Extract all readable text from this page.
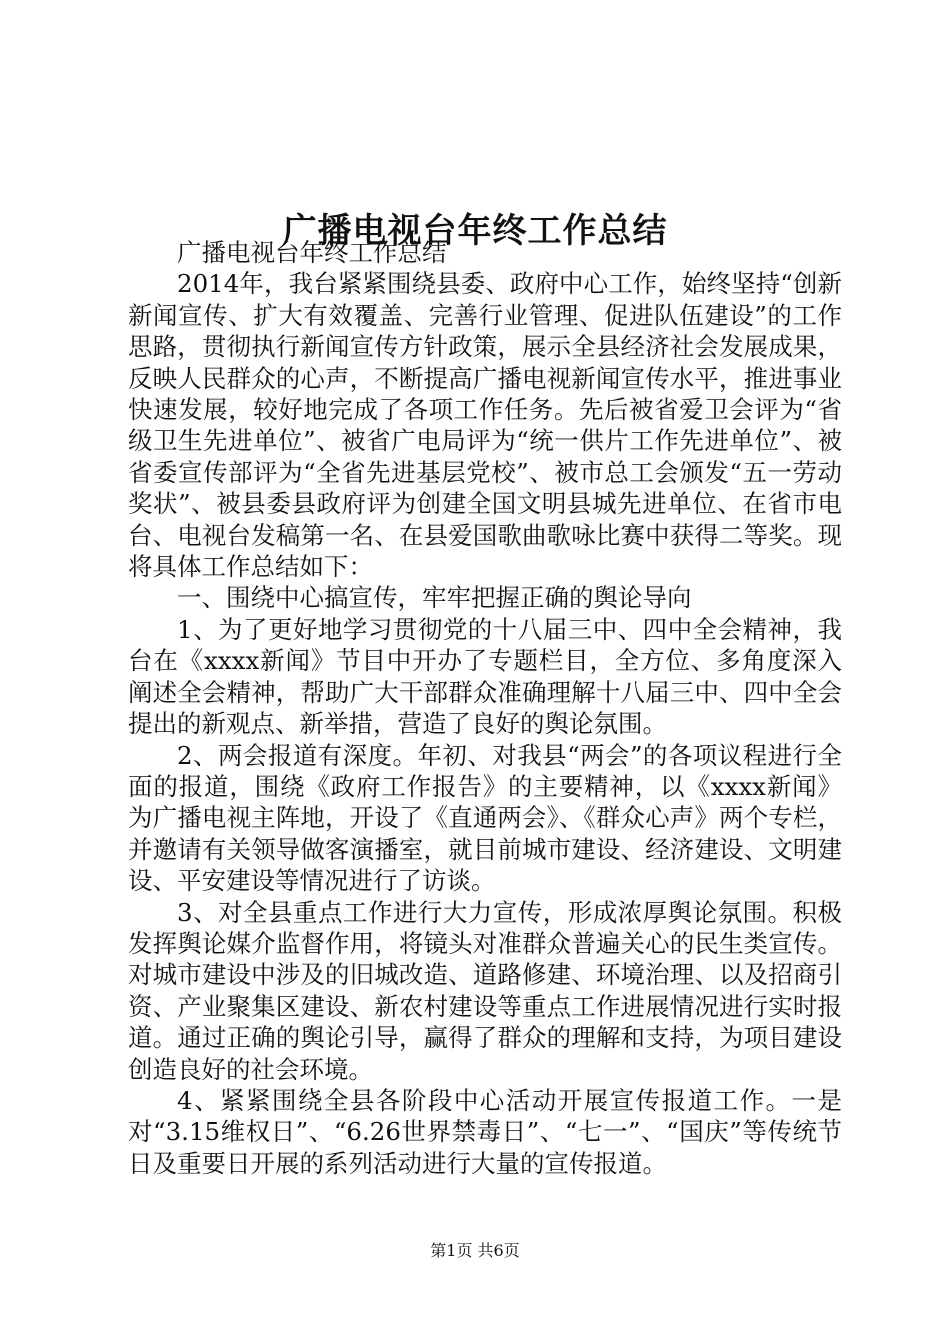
广播电视台年终工作总结

广播电视台年终工作总结

2014年，我台紧紧围绕县委、政府中心工作，始终坚持“创新新闻宣传、扩大有效覆盖、完善行业管理、促进队伍建设”的工作思路，贯彻执行新闻宣传方针政策，展示全县经济社会发展成果，反映人民群众的心声，不断提高广播电视新闻宣传水平，推进事业快速发展，较好地完成了各项工作任务。先后被省爱卫会评为“省级卫生先进单位”、被省广电局评为“统一供片工作先进单位”、被省委宣传部评为“全省先进基层党校”、被市总工会颁发“五一劳动奖状”、被县委县政府评为创建全国文明县城先进单位、在省市电台、电视台发稿第一名、在县爱国歌曲歌咏比赛中获得二等奖。现将具体工作总结如下：

一、围绕中心搞宣传，牢牢把握正确的舆论导向

1、为了更好地学习贯彻党的十八届三中、四中全会精神，我台在《xxxx新闻》节目中开办了专题栏目，全方位、多角度深入阐述全会精神，帮助广大干部群众准确理解十八届三中、四中全会提出的新观点、新举措，营造了良好的舆论氛围。

2、两会报道有深度。年初、对我县“两会”的各项议程进行全面的报道，围绕《政府工作报告》的主要精神，以《xxxx新闻》为广播电视主阵地，开设了《直通两会》、《群众心声》两个专栏，并邀请有关领导做客演播室，就目前城市建设、经济建设、文明建设、平安建设等情况进行了访谈。

3、对全县重点工作进行大力宣传，形成浓厚舆论氛围。积极发挥舆论媒介监督作用，将镜头对准群众普遍关心的民生类宣传。对城市建设中涉及的旧城改造、道路修建、环境治理、以及招商引资、产业聚集区建设、新农村建设等重点工作进展情况进行实时报道。通过正确的舆论引导，赢得了群众的理解和支持，为项目建设创造良好的社会环境。

4、紧紧围绕全县各阶段中心活动开展宣传报道工作。一是对“3.15维权日”、“6.26世界禁毒日”、“七一”、“国庆”等传统节日及重要日开展的系列活动进行大量的宣传报道。

第1页 共6页
